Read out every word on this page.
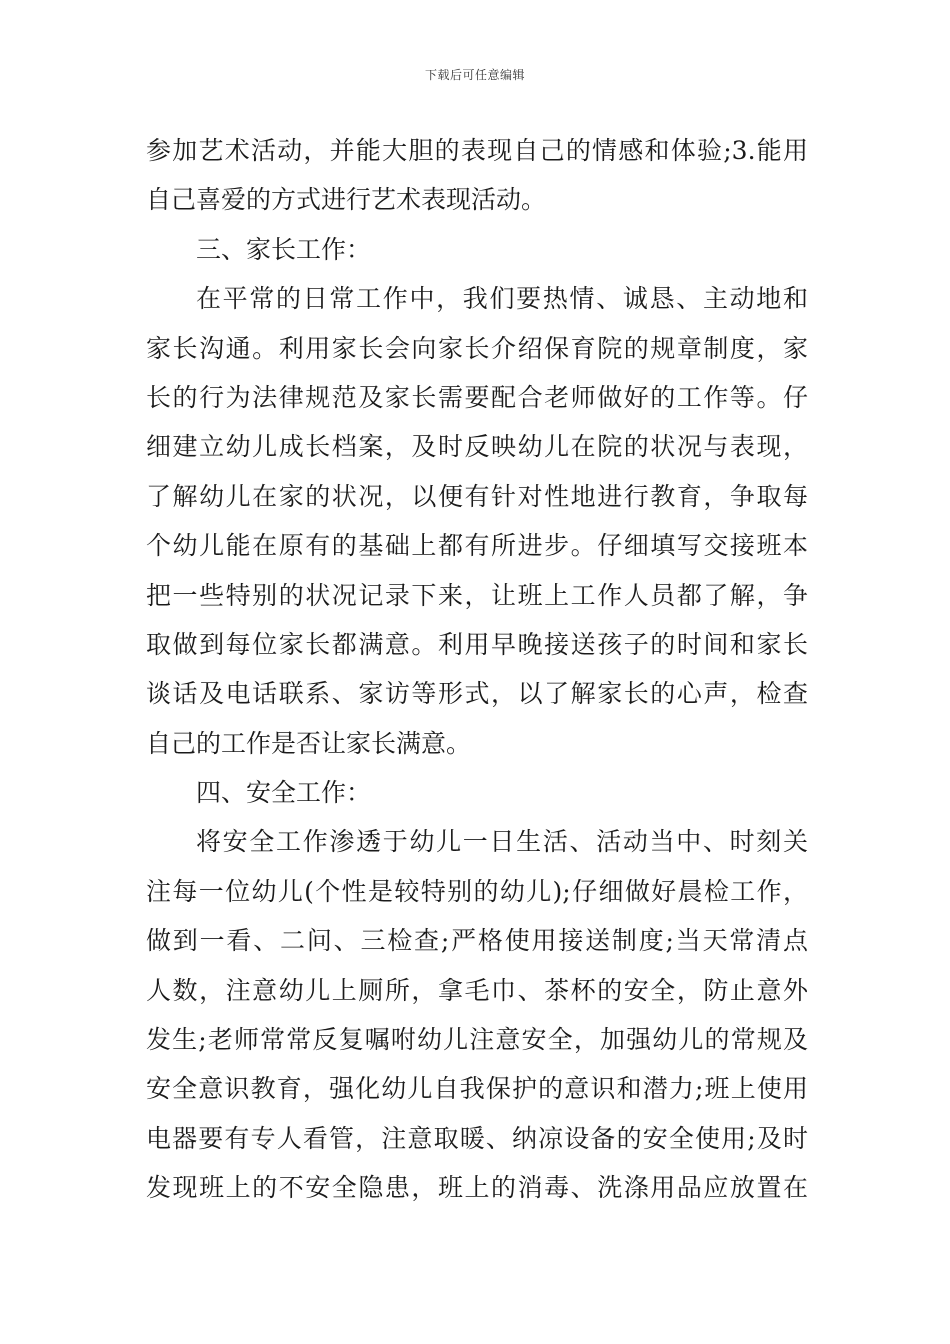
下载后可任意编辑
参加艺术活动，并能大胆的表现自己的情感和体验;3.能用
自己喜爱的方式进行艺术表现活动。
三、家长工作：
在平常的日常工作中，我们要热情、诚恳、主动地和
家长沟通。利用家长会向家长介绍保育院的规章制度，家
长的行为法律规范及家长需要配合老师做好的工作等。仔
细建立幼儿成长档案，及时反映幼儿在院的状况与表现，
了解幼儿在家的状况，以便有针对性地进行教育，争取每
个幼儿能在原有的基础上都有所进步。仔细填写交接班本
把一些特别的状况记录下来，让班上工作人员都了解，争
取做到每位家长都满意。利用早晚接送孩子的时间和家长
谈话及电话联系、家访等形式，以了解家长的心声，检查
自己的工作是否让家长满意。
四、安全工作：
将安全工作渗透于幼儿一日生活、活动当中、时刻关
注每一位幼儿(个性是较特别的幼儿);仔细做好晨检工作，
做到一看、二问、三检查;严格使用接送制度;当天常清点
人数，注意幼儿上厕所，拿毛巾、茶杯的安全，防止意外
发生;老师常常反复嘱咐幼儿注意安全，加强幼儿的常规及
安全意识教育，强化幼儿自我保护的意识和潜力;班上使用
电器要有专人看管，注意取暖、纳凉设备的安全使用;及时
发现班上的不安全隐患，班上的消毒、洗涤用品应放置在
